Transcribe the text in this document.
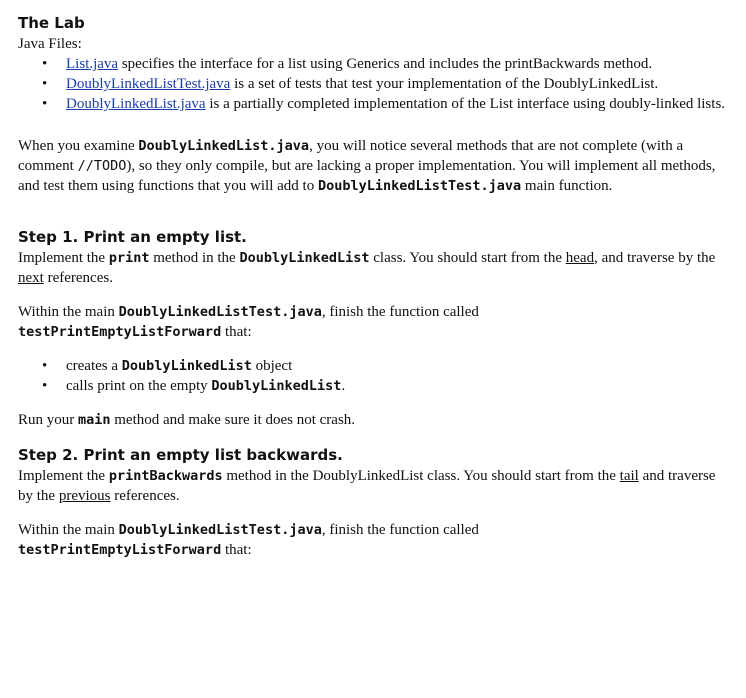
The Lab

Java Files:

• List.java specifies the interface for a list using Generics and includes the printBackwards method.
• DoublyLinkedListTest.java is a set of tests that test your implementation of the DoublyLinkedList.
• DoublyLinkedList.java is a partially completed implementation of the List interface using doubly-linked lists.

When you examine DoublyLinkedList.java, you will notice several methods that are not complete (with a comment //TODO), so they only compile, but are lacking a proper implementation. You will implement all methods, and test them using functions that you will add to DoublyLinkedListTest.java main function.

Step 1. Print an empty list.

Implement the print method in the DoublyLinkedList class. You should start from the head, and traverse by the next references.

Within the main DoublyLinkedListTest.java, finish the function called
testPrintEmptyListForward that:

• creates a DoublyLinkedList object
• calls print on the empty DoublyLinkedList.

Run your main method and make sure it does not crash.

Step 2. Print an empty list backwards.

Implement the printBackwards method in the DoublyLinkedList class. You should start from the tail and traverse by the previous references.

Within the main DoublyLinkedListTest.java, finish the function called
testPrintEmptyListForward that:
